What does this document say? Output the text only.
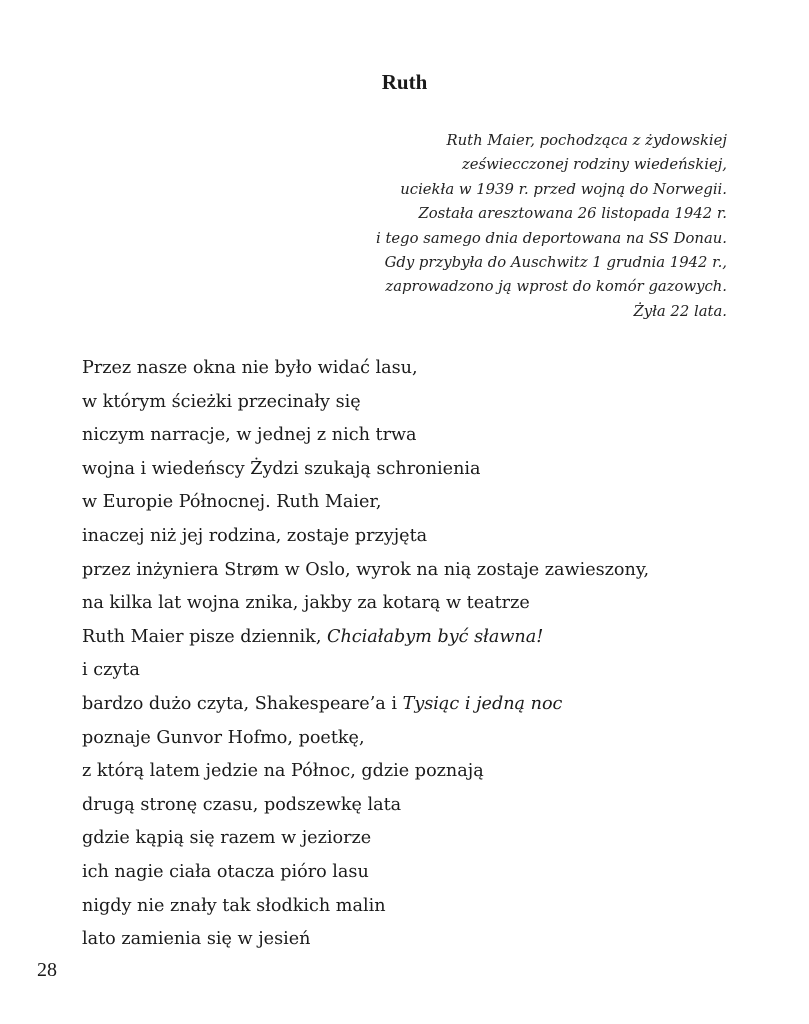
Ruth
Ruth Maier, pochodząca z żydowskiej
zeświecczonej rodziny wiedeńskiej,
uciekła w 1939 r. przed wojną do Norwegii.
Została aresztowana 26 listopada 1942 r.
i tego samego dnia deportowana na SS Donau.
Gdy przybyła do Auschwitz 1 grudnia 1942 r.,
zaprowadzono ją wprost do komór gazowych.
Żyła 22 lata.
Przez nasze okna nie było widać lasu,
w którym ścieżki przecinały się
niczym narracje, w jednej z nich trwa
wojna i wiedeńscy Żydzi szukają schronienia
w Europie Północnej. Ruth Maier,
inaczej niż jej rodzina, zostaje przyjęta
przez inżyniera Strøm w Oslo, wyrok na nią zostaje zawieszony,
na kilka lat wojna znika, jakby za kotarą w teatrze
Ruth Maier pisze dziennik, Chciałabym być sławna!
i czyta
bardzo dużo czyta, Shakespeare’a i Tysiąc i jedną noc
poznaje Gunvor Hofmo, poetkę,
z którą latem jedzie na Północ, gdzie poznają
drugą stronę czasu, podszewkę lata
gdzie kąpią się razem w jeziorze
ich nagie ciała otacza pióro lasu
nigdy nie znały tak słodkich malin
lato zamienia się w jesień
28
